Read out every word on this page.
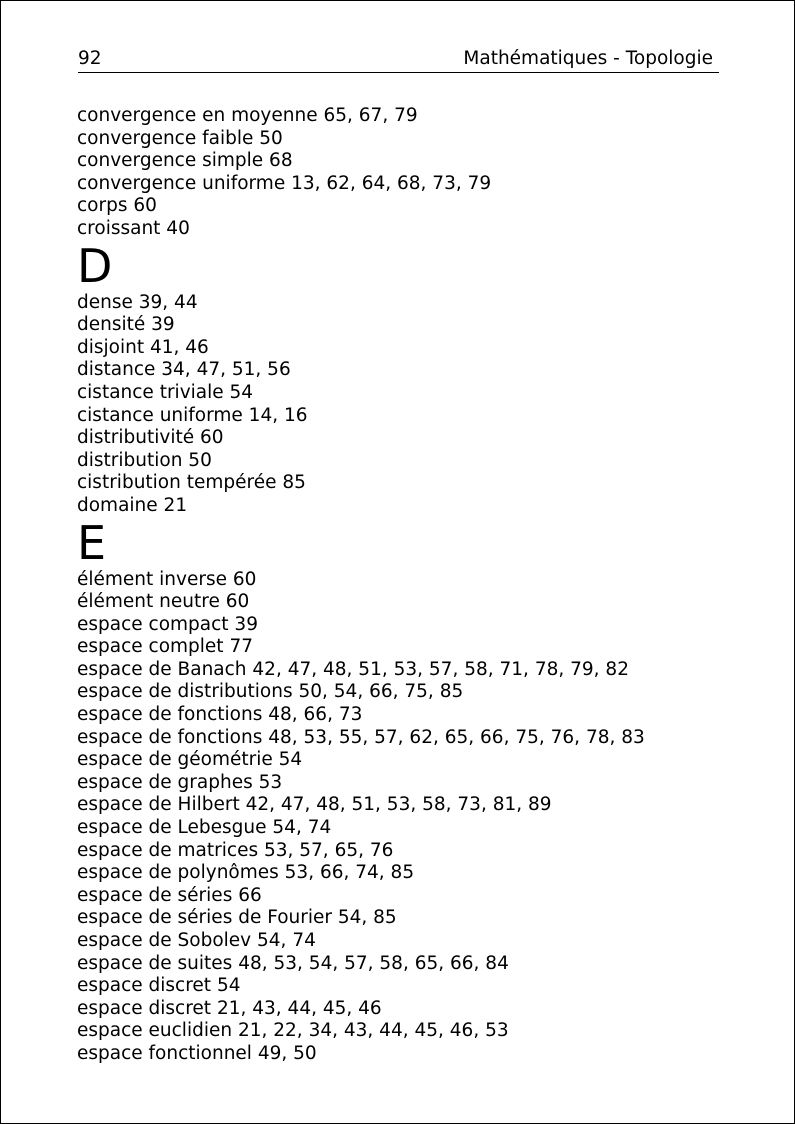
92	Mathématiques - Topologie
convergence en moyenne 65, 67, 79
convergence faible 50
convergence simple 68
convergence uniforme 13, 62, 64, 68, 73, 79
corps 60
croissant 40
D
dense 39, 44
densité 39
disjoint 41, 46
distance 34, 47, 51, 56
cistance triviale 54
cistance uniforme 14, 16
distributivité 60
distribution 50
cistribution tempérée 85
domaine 21
E
élément inverse 60
élément neutre 60
espace compact 39
espace complet 77
espace de Banach 42, 47, 48, 51, 53, 57, 58, 71, 78, 79, 82
espace de distributions 50, 54, 66, 75, 85
espace de fonctions 48, 66, 73
espace de fonctions 48, 53, 55, 57, 62, 65, 66, 75, 76, 78, 83
espace de géométrie 54
espace de graphes 53
espace de Hilbert 42, 47, 48, 51, 53, 58, 73, 81, 89
espace de Lebesgue 54, 74
espace de matrices 53, 57, 65, 76
espace de polynômes 53, 66, 74, 85
espace de séries 66
espace de séries de Fourier 54, 85
espace de Sobolev 54, 74
espace de suites 48, 53, 54, 57, 58, 65, 66, 84
espace discret 54
espace discret 21, 43, 44, 45, 46
espace euclidien 21, 22, 34, 43, 44, 45, 46, 53
espace fonctionnel 49, 50
